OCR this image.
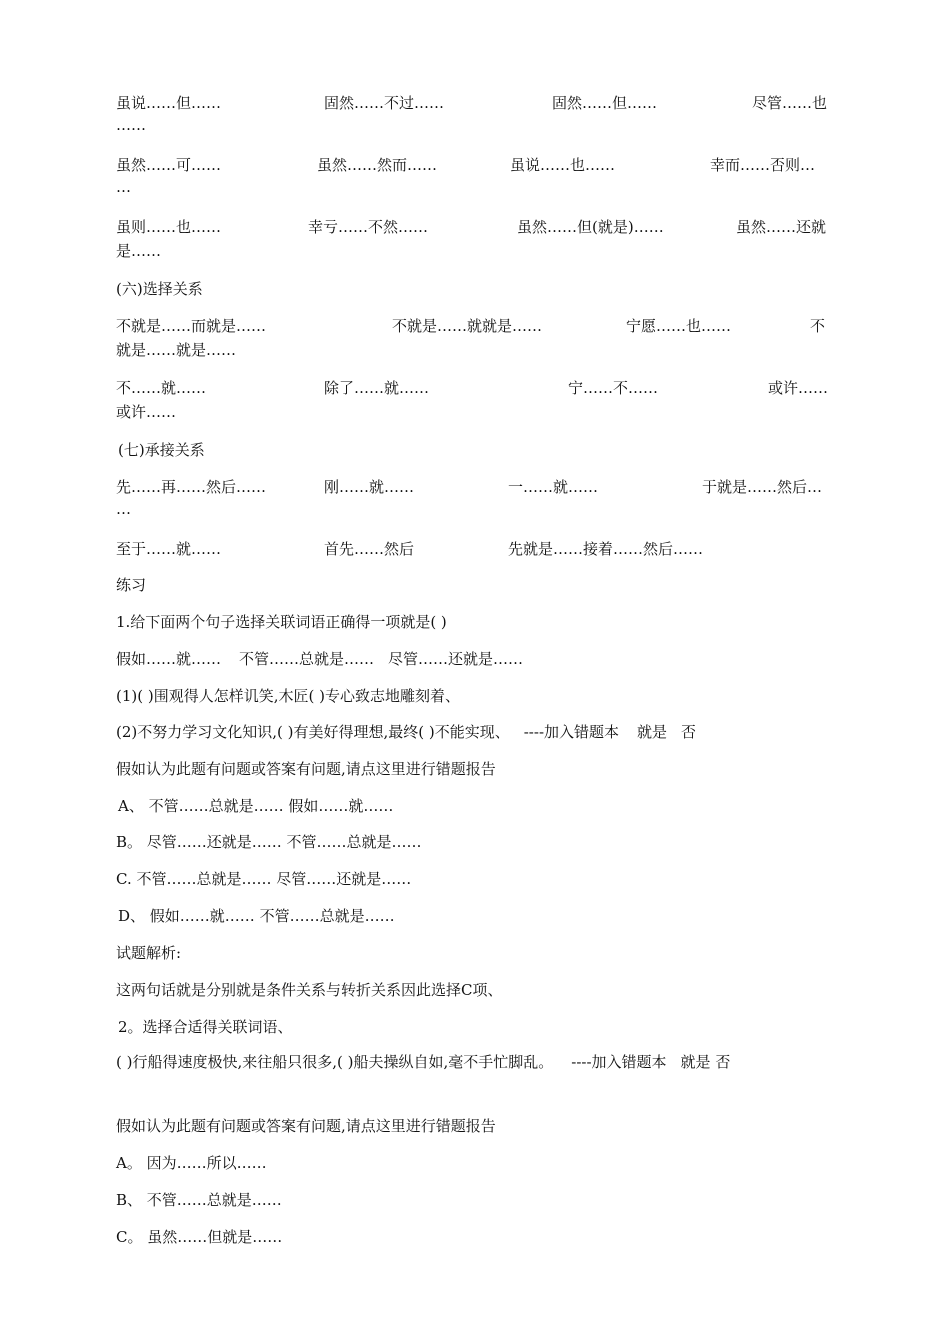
虽说……但……	固然……不过……	固然……但……	尽管……也
……
虽然……可……	虽然……然而……	虽说……也……	幸而……否则…
…
虽则……也……	幸亏……不然……	虽然……但(就是)……	虽然……还就
是……
(六)选择关系
不就是……而就是……	不就是……就就是……	宁愿……也……	不
就是……就是……
不……就……	除了……就……	宁……不……	或许……
或许……
(七)承接关系
先……再……然后……	刚……就……	一……就……	于就是……然后…
…
至于……就……	首先……然后	先就是……接着……然后……
练习
1.给下面两个句子选择关联词语正确得一项就是( )
假如……就…… 不管……总就是…… 尽管……还就是……
(1)( )围观得人怎样讥笑,木匠( )专心致志地雕刻着、
(2)不努力学习文化知识,( )有美好得理想,最终( )不能实现、 ----加入错题本 就是 否
假如认为此题有问题或答案有问题,请点这里进行错题报告
A、 不管……总就是…… 假如……就……
B。 尽管……还就是…… 不管……总就是……
C. 不管……总就是…… 尽管……还就是……
D、 假如……就…… 不管……总就是……
试题解析:
这两句话就是分别就是条件关系与转折关系因此选择C项、
2。选择合适得关联词语、
( )行船得速度极快,来往船只很多,( )船夫操纵自如,毫不手忙脚乱。 ----加入错题本 就是 否
假如认为此题有问题或答案有问题,请点这里进行错题报告
A。 因为……所以……
B、 不管……总就是……
C。 虽然……但就是……
